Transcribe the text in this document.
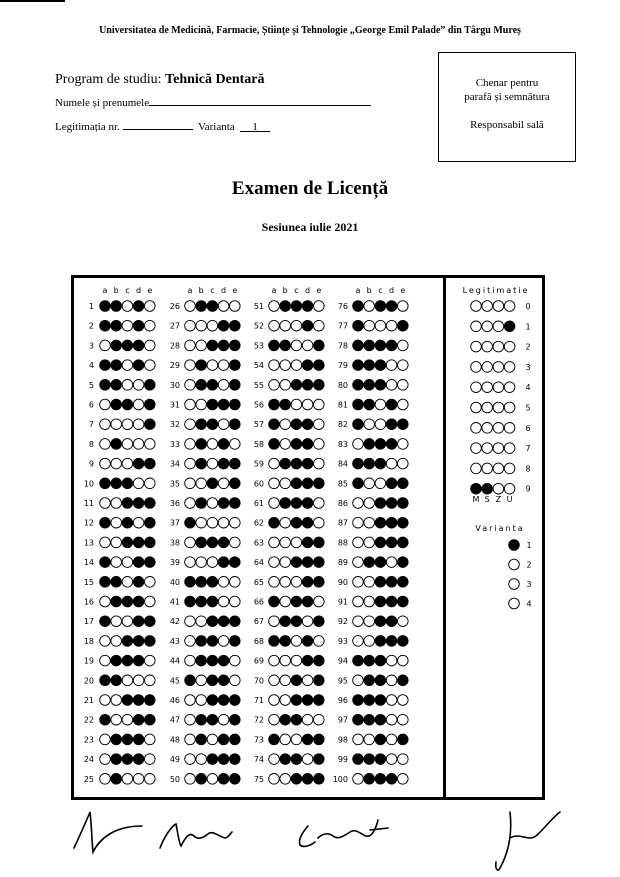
Universitatea de Medicină, Farmacie, Științe și Tehnologie „George Emil Palade” din Târgu Mureș
Program de studiu: Tehnică Dentară
Numele și prenumele
Legitimația nr.	Varianta 1
Chenar pentru
parafă și semnătura
Responsabil sală
Examen de Licență
Sesiunea iulie 2021
a b c d e
1
2
3
4
5
6
7
8
9
10
11
12
13
14
15
16
17
18
19
20
21
22
23
24
25
a b c d e
26
27
28
29
30
31
32
33
34
35
36
37
38
39
40
41
42
43
44
45
46
47
48
49
50
a b c d e
51
52
53
54
55
56
57
58
59
60
61
62
63
64
65
66
67
68
69
70
71
72
73
74
75
a b c d e
76
77
78
79
80
81
82
83
84
85
86
87
88
89
90
91
92
93
94
95
96
97
98
99
100
Legitimatie
0
1
2
3
4
5
6
7
8
9
M S Z U
Varianta
1
2
3
4
